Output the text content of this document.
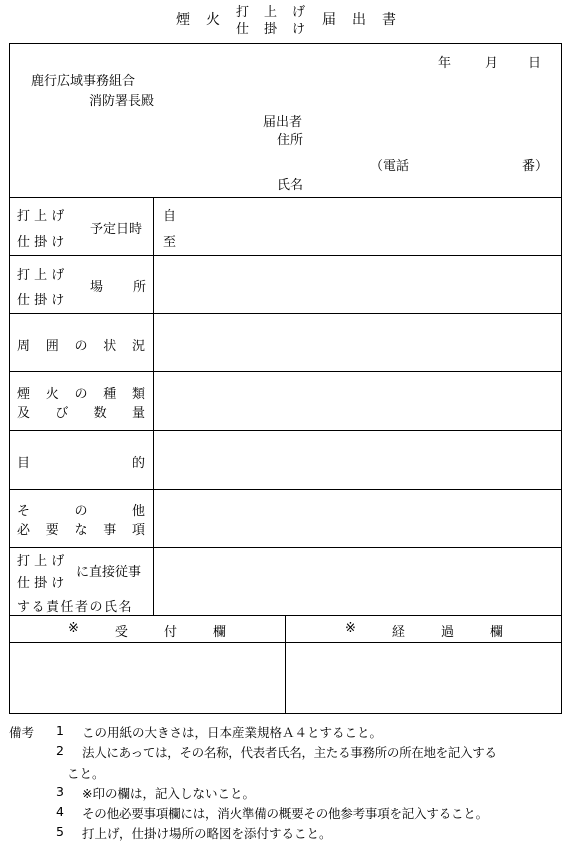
煙 火 打 上 げ
仕 掛 け
届 出 書
年	月 日
鹿行広域事務組合
消防署長殿
届出者
住所
（電話	番）
氏名
打 上 げ
仕 掛 け
予定日時
自
至
打 上 げ
仕 掛 け
場 所
周 囲 の 状 況
煙 火 の 種 類
及 び 数 量
目	的
そ	の	他
必 要 な 事 項
打 上 げ
仕 掛 け
に直接従事
する責任者の氏名
※	受	付	欄	※	経	過	欄
備考 1 この用紙の大きさは，日本産業規格Ａ４とすること。
2 法人にあっては，その名称，代表者氏名，主たる事務所の所在地を記入する
こと。
3 ※印の欄は，記入しないこと。
4 その他必要事項欄には，消火準備の概要その他参考事項を記入すること。
5 打上げ，仕掛け場所の略図を添付すること。
